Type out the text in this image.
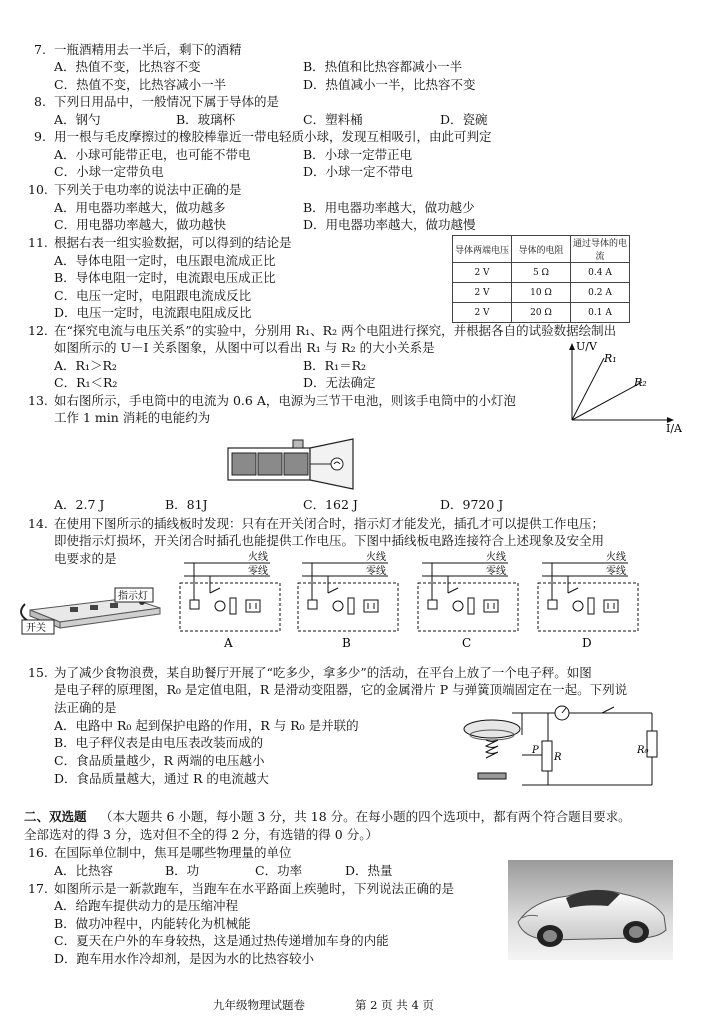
7. 一瓶酒精用去一半后，剩下的酒精
A．热值不变，比热容不变	B．热值和比热容都减小一半
C．热值不变，比热容减小一半	D．热值减小一半，比热容不变
8. 下列日用品中，一般情况下属于导体的是
A．钢勺	B．玻璃杯	C．塑料桶	D．瓷碗
9. 用一根与毛皮摩擦过的橡胶棒靠近一带电轻质小球，发现互相吸引，由此可判定
A．小球可能带正电，也可能不带电	B．小球一定带正电
C．小球一定带负电	D．小球一定不带电
10. 下列关于电功率的说法中正确的是
A．用电器功率越大，做功越多	B．用电器功率越大，做功越少
C．用电器功率越大，做功越快	D．用电器功率越大，做功越慢
11. 根据右表一组实验数据，可以得到的结论是
A．导体电阻一定时，电压跟电流成正比
B．导体电阻一定时，电流跟电压成正比
C．电压一定时，电阻跟电流成反比
D．电压一定时，电流跟电阻成反比
导体两端电压	导体的电阻	通过导体的电流
2 V	5 Ω	0.4 A
2 V	10 Ω	0.2 A
2 V	20 Ω	0.1 A
12. 在“探究电流与电压关系”的实验中，分别用 R₁、R₂ 两个电阻进行探究，并根据各自的试验数据绘制出
如图所示的 U－I 关系图象，从图中可以看出 R₁ 与 R₂ 的大小关系是
A．R₁＞R₂	B．R₁＝R₂
C．R₁＜R₂	D．无法确定
U/V
I/A
R₁
R₂
13. 如右图所示，手电筒中的电流为 0.6 A，电源为三节干电池，则该手电筒中的小灯泡
工作 1 min 消耗的电能约为
A．2.7 J	B．81J	C．162 J	D．9720 J
14. 在使用下图所示的插线板时发现：只有在开关闭合时，指示灯才能发光，插孔才可以提供工作电压；
即使指示灯损坏，开关闭合时插孔也能提供工作电压。下图中插线板电路连接符合上述现象及安全用
电要求的是
指示灯
开关
火线
零线
火线
零线
火线
零线
火线
零线
A	B	C	D
15. 为了减少食物浪费，某自助餐厅开展了“吃多少，拿多少”的活动，在平台上放了一个电子秤。如图
是电子秤的原理图，R₀ 是定值电阻，R 是滑动变阻器，它的金属滑片 P 与弹簧顶端固定在一起。下列说
法正确的是
A．电路中 R₀ 起到保护电路的作用，R 与 R₀ 是并联的
B．电子秤仪表是由电压表改装而成的
C．食品质量越少，R 两端的电压越小
D．食品质量越大，通过 R 的电流越大
R₀
R
P
二、双选题 （本大题共 6 小题，每小题 3 分，共 18 分。在每小题的四个选项中，都有两个符合题目要求。
全部选对的得 3 分，选对但不全的得 2 分，有选错的得 0 分。）
16. 在国际单位制中，焦耳是哪些物理量的单位
A．比热容	B．功	C．功率	D．热量
17. 如图所示是一新款跑车，当跑车在水平路面上疾驰时，下列说法正确的是
A．给跑车提供动力的是压缩冲程
B．做功冲程中，内能转化为机械能
C．夏天在户外的车身较热，这是通过热传递增加车身的内能
D．跑车用水作冷却剂，是因为水的比热容较小
九年级物理试题卷	第 2 页 共 4 页
